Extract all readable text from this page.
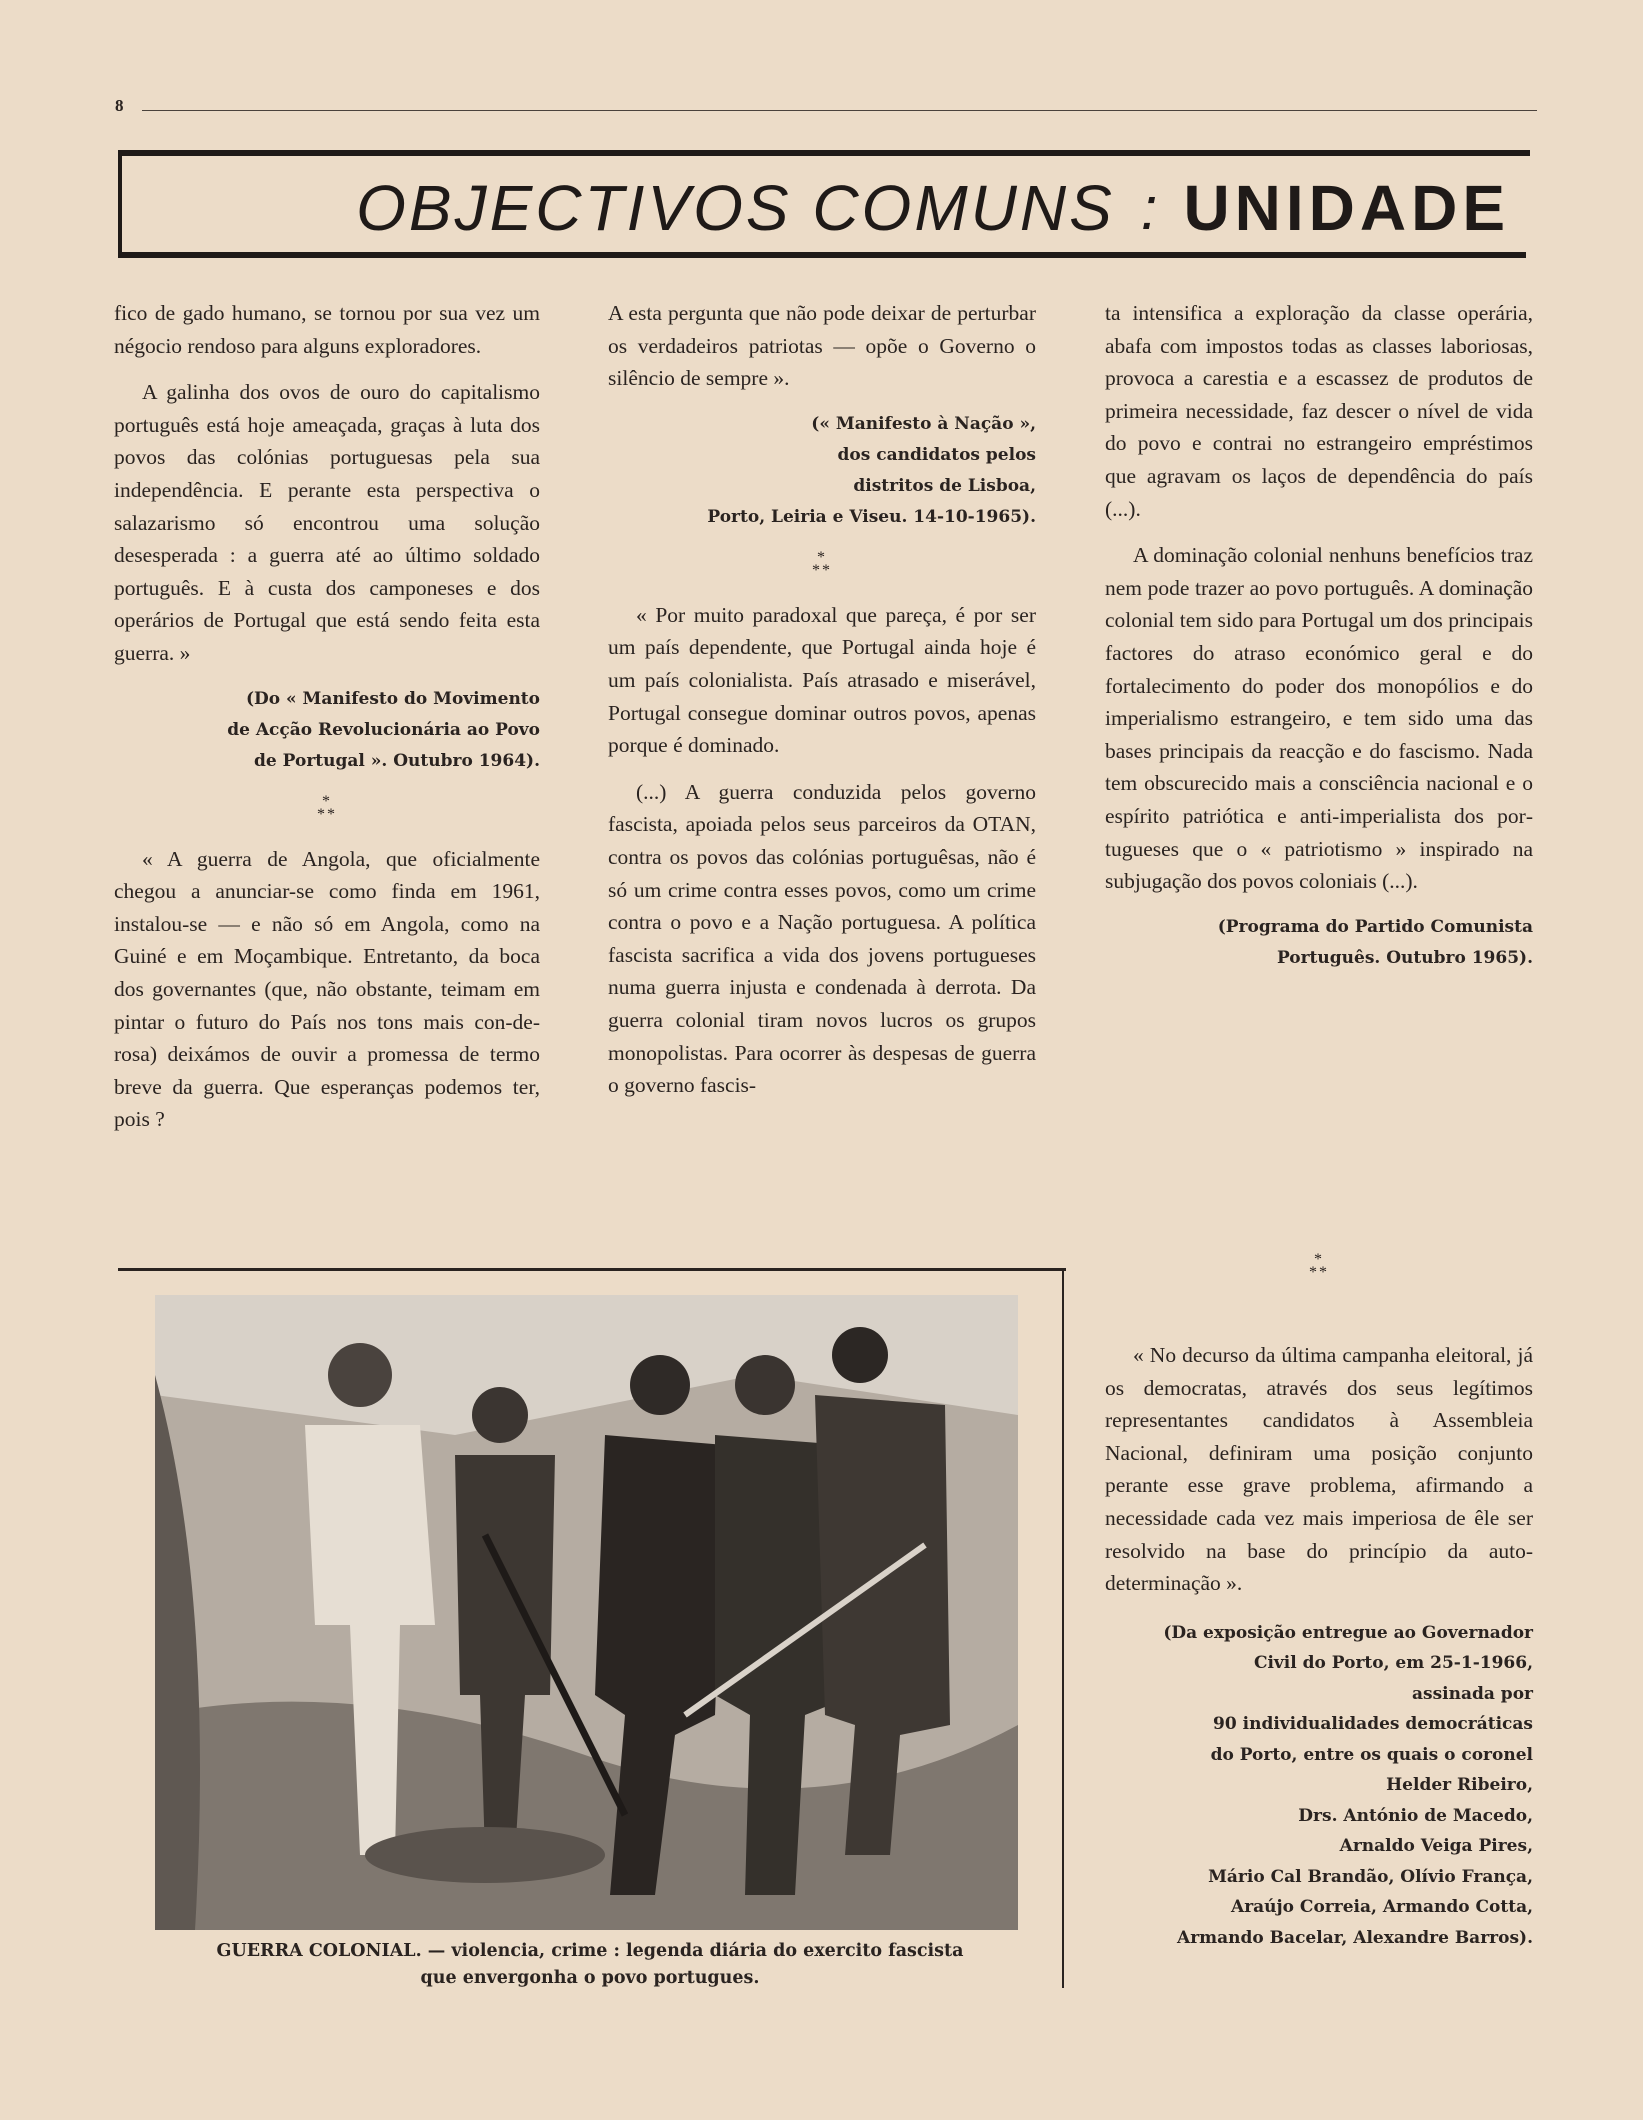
8
OBJECTIVOS COMUNS : UNIDADE

fico de gado humano, se tornou por sua vez um négocio rendoso para alguns exploradores.

A galinha dos ovos de ouro do capitalismo português está hoje ameaçada, graças à luta dos povos das colónias portuguesas pela sua independência. E perante esta perspectiva o salazarismo só encontrou uma solução desesperada : a guerra até ao último soldado português. E à custa dos camponeses e dos operários de Portugal que está sendo feita esta guerra. »

(Do « Manifesto do Movimento
de Acção Revolucionária ao Povo
de Portugal ». Outubro 1964).
*
**

« A guerra de Angola, que oficialmente chegou a anunciar-se como finda em 1961, instalou-se — e não só em Angola, como na Guiné e em Moçambique. Entretanto, da boca dos governantes (que, não obstante, teimam em pintar o futuro do País nos tons mais con-de-rosa) deixámos de ouvir a promessa de termo breve da guerra. Que esperanças podemos ter, pois ?

A esta pergunta que não pode deixar de perturbar os verdadeiros patriotas — opõe o Governo o silêncio de sempre ».

(« Manifesto à Nação »,
dos candidatos pelos
distritos de Lisboa,
Porto, Leiria e Viseu. 14-10-1965).
*
**

« Por muito paradoxal que pareça, é por ser um país dependente, que Portugal ainda hoje é um país colonialista. País atrasado e miserável, Portugal consegue dominar outros povos, apenas porque é dominado.

(...) A guerra conduzida pelos governo fascista, apoiada pelos seus parceiros da OTAN, contra os povos das colónias portuguêsas, não é só um crime contra esses povos, como um crime contra o povo e a Nação portuguesa. A política fascista sacrifica a vida dos jovens portugueses numa guerra injusta e condenada à derrota. Da guerra colonial tiram novos lucros os grupos monopolistas. Para ocorrer às despesas de guerra o governo fascis-

ta intensifica a exploração da classe operária, abafa com impostos todas as classes laboriosas, provoca a carestia e a escassez de produtos de primeira necessidade, faz descer o nível de vida do povo e contrai no estrangeiro empréstimos que agravam os laços de dependência do país (...).

A dominação colonial nenhuns benefícios traz nem pode trazer ao povo português. A dominação colonial tem sido para Portugal um dos principais factores do atraso económico geral e do fortalecimento do poder dos monopólios e do imperialismo estrangeiro, e tem sido uma das bases principais da reacção e do fascismo. Nada tem obscurecido mais a consciência nacional e o espírito patriótica e anti-imperialista dos portugueses que o « patriotismo » inspirado na subjugação dos povos coloniais (...).

(Programa do Partido Comunista
Português. Outubro 1965).
*
**

« No decurso da última campanha eleitoral, já os democratas, através dos seus legítimos representantes candidatos à Assembleia Nacional, definiram uma posição conjunto perante esse grave problema, afirmando a necessidade cada vez mais imperiosa de êle ser resolvido na base do princípio da auto-determinação ».

(Da exposição entregue ao Governador
Civil do Porto, em 25-1-1966,
assinada por
90 individualidades democráticas
do Porto, entre os quais o coronel
Helder Ribeiro,
Drs. António de Macedo,
Arnaldo Veiga Pires,
Mário Cal Brandão, Olívio França,
Araújo Correia, Armando Cotta,
Armando Bacelar, Alexandre Barros).
GUERRA COLONIAL. — violencia, crime : legenda diária do exercito fascista
que envergonha o povo portugues.
